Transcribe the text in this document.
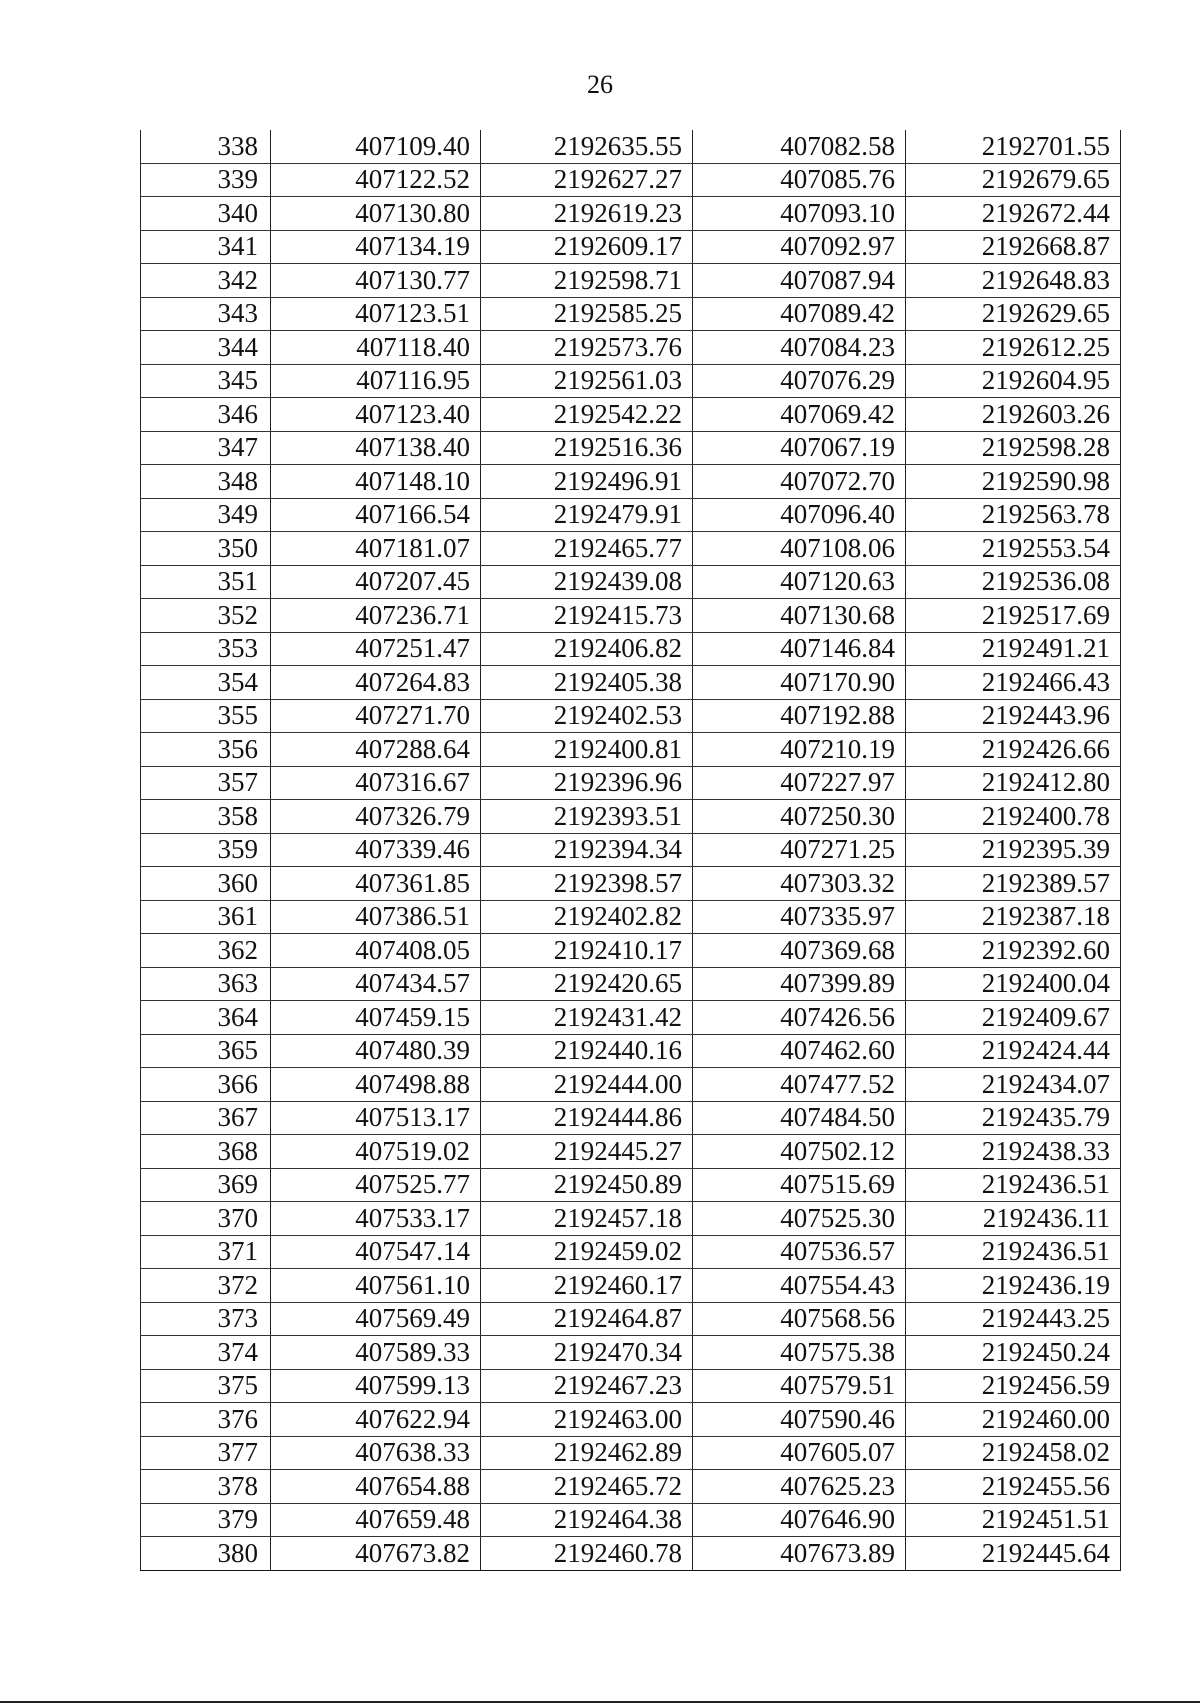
26
338	407109.40	2192635.55	407082.58	2192701.55
339	407122.52	2192627.27	407085.76	2192679.65
340	407130.80	2192619.23	407093.10	2192672.44
341	407134.19	2192609.17	407092.97	2192668.87
342	407130.77	2192598.71	407087.94	2192648.83
343	407123.51	2192585.25	407089.42	2192629.65
344	407118.40	2192573.76	407084.23	2192612.25
345	407116.95	2192561.03	407076.29	2192604.95
346	407123.40	2192542.22	407069.42	2192603.26
347	407138.40	2192516.36	407067.19	2192598.28
348	407148.10	2192496.91	407072.70	2192590.98
349	407166.54	2192479.91	407096.40	2192563.78
350	407181.07	2192465.77	407108.06	2192553.54
351	407207.45	2192439.08	407120.63	2192536.08
352	407236.71	2192415.73	407130.68	2192517.69
353	407251.47	2192406.82	407146.84	2192491.21
354	407264.83	2192405.38	407170.90	2192466.43
355	407271.70	2192402.53	407192.88	2192443.96
356	407288.64	2192400.81	407210.19	2192426.66
357	407316.67	2192396.96	407227.97	2192412.80
358	407326.79	2192393.51	407250.30	2192400.78
359	407339.46	2192394.34	407271.25	2192395.39
360	407361.85	2192398.57	407303.32	2192389.57
361	407386.51	2192402.82	407335.97	2192387.18
362	407408.05	2192410.17	407369.68	2192392.60
363	407434.57	2192420.65	407399.89	2192400.04
364	407459.15	2192431.42	407426.56	2192409.67
365	407480.39	2192440.16	407462.60	2192424.44
366	407498.88	2192444.00	407477.52	2192434.07
367	407513.17	2192444.86	407484.50	2192435.79
368	407519.02	2192445.27	407502.12	2192438.33
369	407525.77	2192450.89	407515.69	2192436.51
370	407533.17	2192457.18	407525.30	2192436.11
371	407547.14	2192459.02	407536.57	2192436.51
372	407561.10	2192460.17	407554.43	2192436.19
373	407569.49	2192464.87	407568.56	2192443.25
374	407589.33	2192470.34	407575.38	2192450.24
375	407599.13	2192467.23	407579.51	2192456.59
376	407622.94	2192463.00	407590.46	2192460.00
377	407638.33	2192462.89	407605.07	2192458.02
378	407654.88	2192465.72	407625.23	2192455.56
379	407659.48	2192464.38	407646.90	2192451.51
380	407673.82	2192460.78	407673.89	2192445.64
